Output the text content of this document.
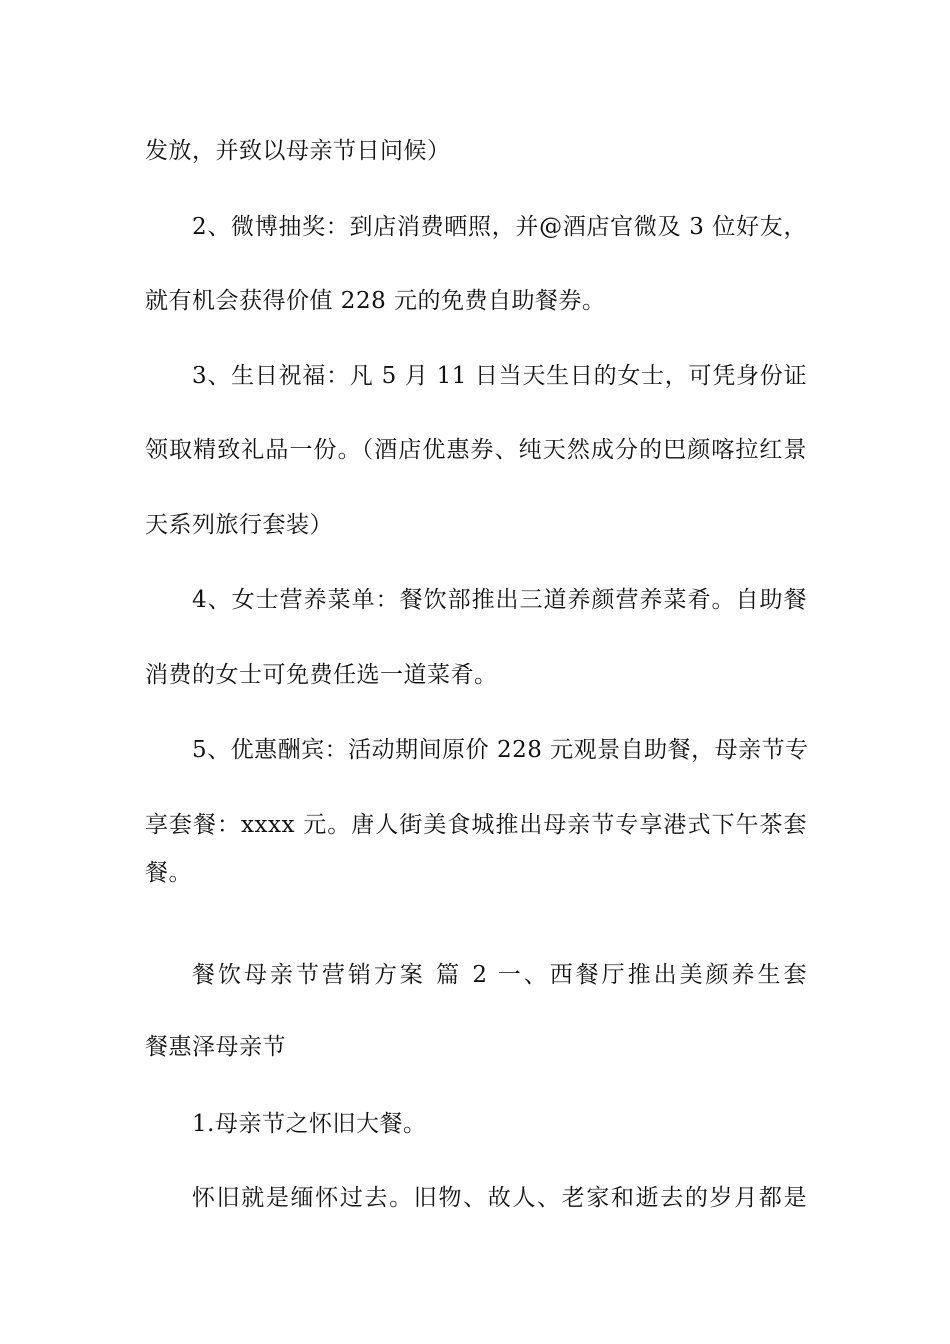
发放，并致以母亲节日问候）
2、微博抽奖：到店消费晒照，并@酒店官微及 3 位好友，
就有机会获得价值 228 元的免费自助餐券。
3、生日祝福：凡 5 月 11 日当天生日的女士，可凭身份证
领取精致礼品一份。（酒店优惠券、纯天然成分的巴颜喀拉红景
天系列旅行套装）
4、女士营养菜单：餐饮部推出三道养颜营养菜肴。自助餐
消费的女士可免费任选一道菜肴。
5、优惠酬宾：活动期间原价 228 元观景自助餐，母亲节专
享套餐：xxxx 元。唐人街美食城推出母亲节专享港式下午茶套
餐。
餐饮母亲节营销方案 篇 2 一、西餐厅推出美颜养生套
餐惠泽母亲节
1.母亲节之怀旧大餐。
怀旧就是缅怀过去。旧物、故人、老家和逝去的岁月都是
